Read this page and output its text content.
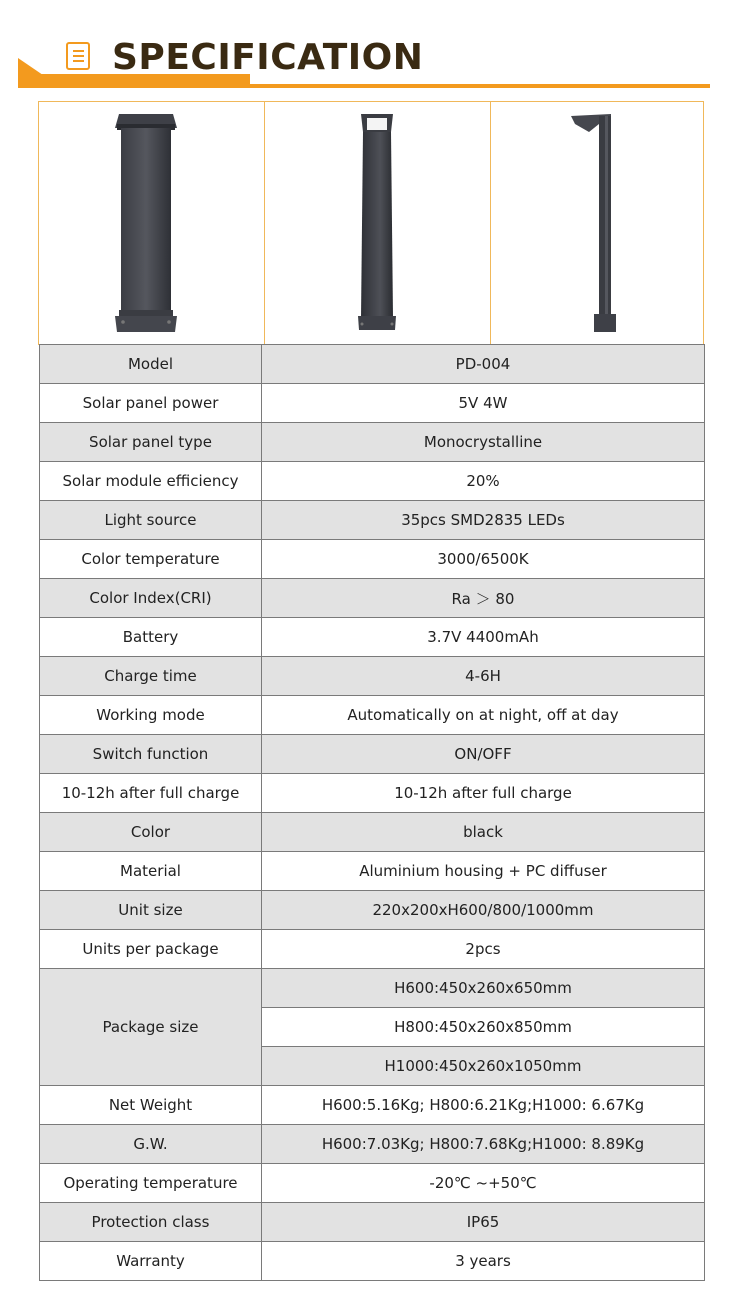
SPECIFICATION
Model	PD-004
Solar panel power	5V 4W
Solar panel type	Monocrystalline
Solar module efficiency	20%
Light source	35pcs SMD2835 LEDs
Color temperature	3000/6500K
Color Index(CRI)	Ra ＞ 80
Battery	3.7V 4400mAh
Charge time	4-6H
Working mode	Automatically on at night, off at day
Switch function	ON/OFF
10-12h after full charge	10-12h after full charge
Color	black
Material	Aluminium housing + PC diffuser
Unit size	220x200xH600/800/1000mm
Units per package	2pcs
Package size	H600:450x260x650mm
	H800:450x260x850mm
	H1000:450x260x1050mm
Net Weight	H600:5.16Kg; H800:6.21Kg;H1000: 6.67Kg
G.W.	H600:7.03Kg; H800:7.68Kg;H1000: 8.89Kg
Operating temperature	-20℃ ~+50℃
Protection class	IP65
Warranty	3 years
